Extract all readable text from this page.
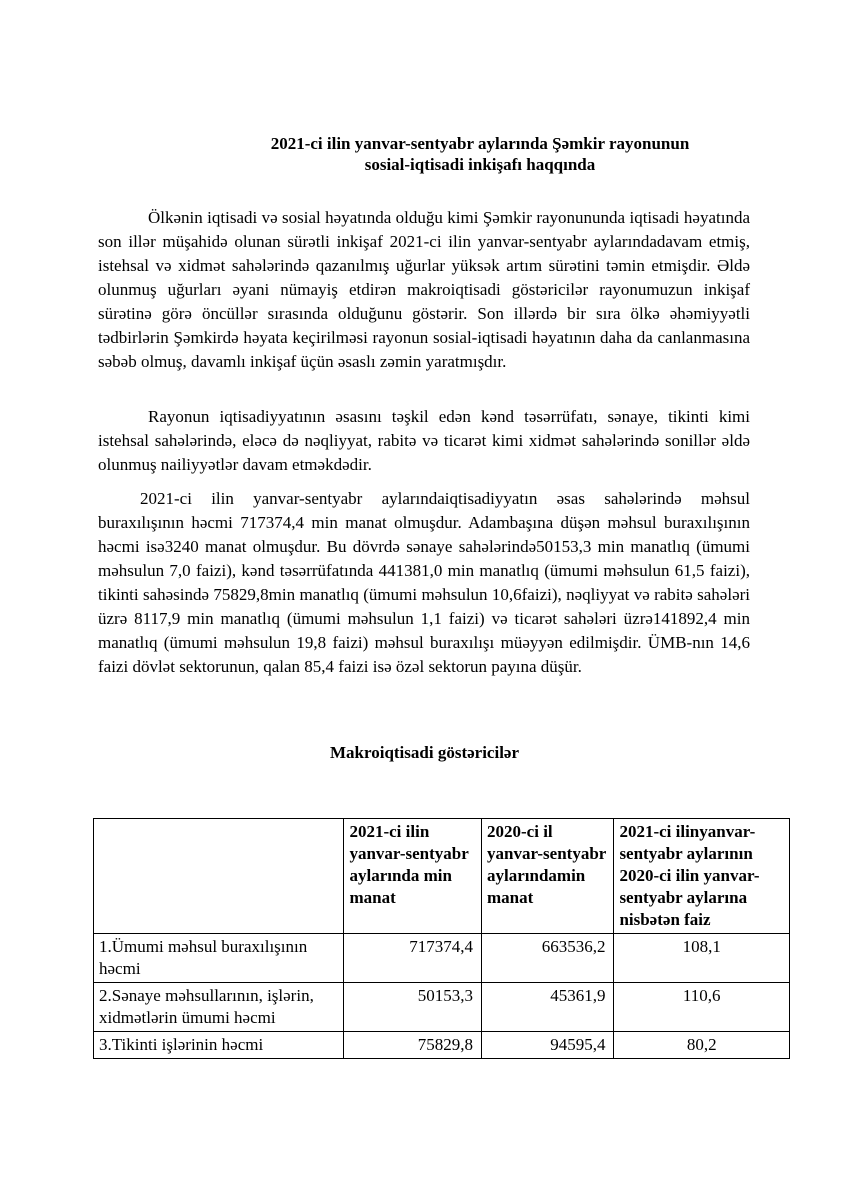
2021-ci ilin yanvar-sentyabr aylarında Şəmkir rayonunun
sosial-iqtisadi inkişafı haqqında

Ölkənin iqtisadi və sosial həyatında olduğu kimi Şəmkir rayonununda iqtisadi həyatında son illər müşahidə olunan sürətli inkişaf 2021-ci ilin yanvar-sentyabr aylarındadavam etmiş, istehsal və xidmət sahələrində qazanılmış uğurlar yüksək artım sürətini təmin etmişdir. Əldə olunmuş uğurları əyani nümayiş etdirən makroiqtisadi göstəricilər rayonumuzun inkişaf sürətinə görə öncüllər sırasında olduğunu göstərir. Son illərdə bir sıra ölkə əhəmiyyətli tədbirlərin Şəmkirdə həyata keçirilməsi rayonun sosial-iqtisadi həyatının daha da canlanmasına səbəb olmuş, davamlı inkişaf üçün əsaslı zəmin yaratmışdır.

Rayonun iqtisadiyyatının əsasını təşkil edən kənd təsərrüfatı, sənaye, tikinti kimi istehsal sahələrində, eləcə də nəqliyyat, rabitə və ticarət kimi xidmət sahələrində sonillər əldə olunmuş nailiyyətlər davam etməkdədir.

2021-ci ilin yanvar-sentyabr aylarındaiqtisadiyyatın əsas sahələrində məhsul buraxılışının həcmi 717374,4 min manat olmuşdur. Adambaşına düşən məhsul buraxılışının həcmi isə3240 manat olmuşdur. Bu dövrdə sənaye sahələrində50153,3 min manatlıq (ümumi məhsulun 7,0 faizi), kənd təsərrüfatında 441381,0 min manatlıq (ümumi məhsulun 61,5 faizi), tikinti sahəsində 75829,8min manatlıq (ümumi məhsulun 10,6faizi), nəqliyyat və rabitə sahələri üzrə 8117,9 min manatlıq (ümumi məhsulun 1,1 faizi) və ticarət sahələri üzrə141892,4 min manatlıq (ümumi məhsulun 19,8 faizi) məhsul buraxılışı müəyyən edilmişdir. ÜMB-nın 14,6 faizi dövlət sektorunun, qalan 85,4 faizi isə özəl sektorun payına düşür.

Makroiqtisadi göstəricilər
	2021-ci ilin yanvar-sentyabr aylarında min manat	2020-ci il yanvar-sentyabr aylarındamin manat	2021-ci ilinyanvar-sentyabr aylarının 2020-ci ilin yanvar-sentyabr aylarına nisbətən faiz
1.Ümumi məhsul buraxılışının həcmi	717374,4	663536,2	108,1
2.Sənaye məhsullarının, işlərin, xidmətlərin ümumi həcmi	50153,3	45361,9	110,6
3.Tikinti işlərinin həcmi	75829,8	94595,4	80,2
